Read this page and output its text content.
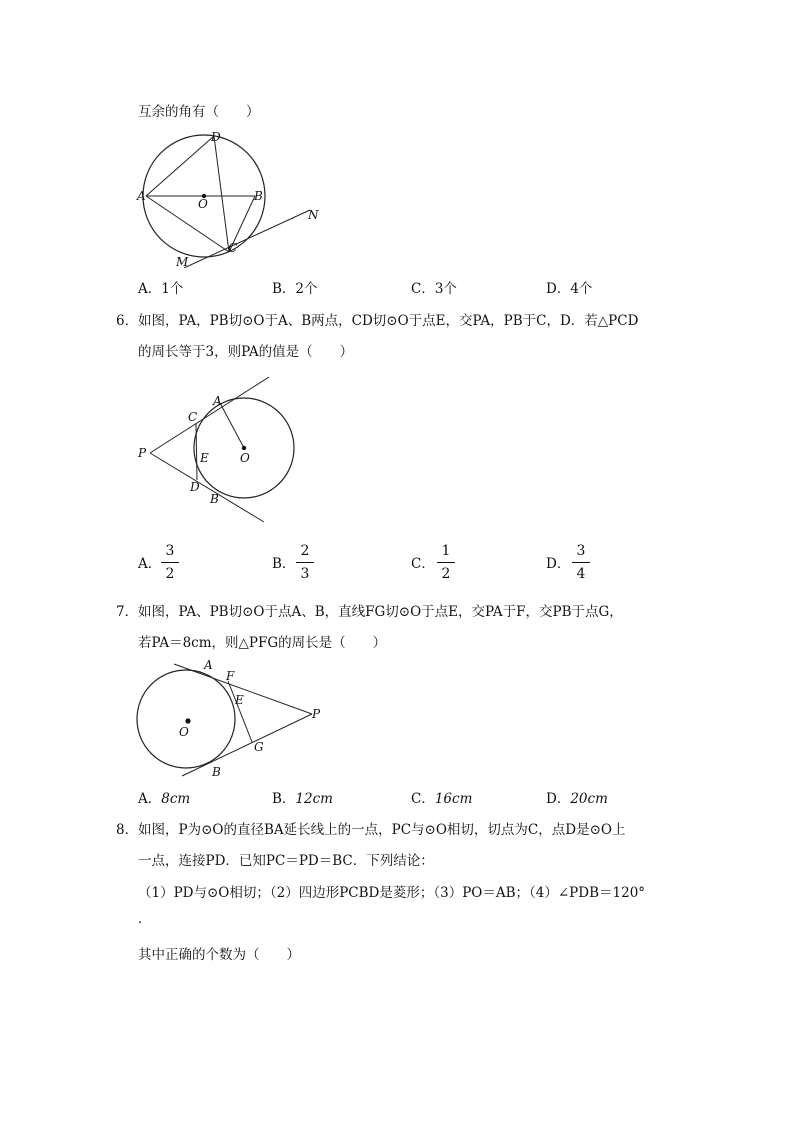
互余的角有（　　）
D
A
O
B
C
N
M
A．1个	B．2个	C．3个	D．4个
6． 如图，PA，PB切⊙O于A、B两点，CD切⊙O于点E，交PA，PB于C，D．若△PCD
的周长等于3，则PA的值是（　　）
A
C
P	E	O
D
B
A．
3
2
B．
2
3
C．
1
2
D．
3
4
7． 如图，PA、PB切⊙O于点A、B，直线FG切⊙O于点E，交PA于F，交PB于点G，
若PA＝8cm，则△PFG的周长是（　　）
A
F
E
P
O
G
B
A．8cm	B．12cm	C．16cm	D．20cm
8． 如图，P为⊙O的直径BA延长线上的一点，PC与⊙O相切，切点为C，点D是⊙O上
一点，连接PD．已知PC＝PD＝BC．下列结论：
（1）PD与⊙O相切；（2）四边形PCBD是菱形；（3）PO＝AB；（4）∠PDB＝120°
．
其中正确的个数为（　　）
